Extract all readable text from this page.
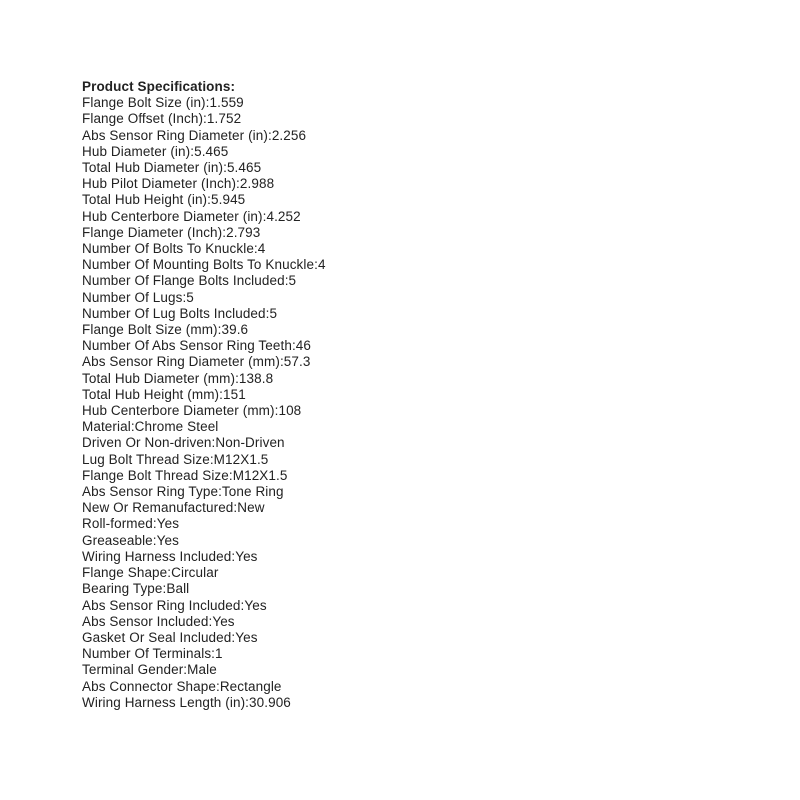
Product Specifications:
Flange Bolt Size (in):1.559
Flange Offset (Inch):1.752
Abs Sensor Ring Diameter (in):2.256
Hub Diameter (in):5.465
Total Hub Diameter (in):5.465
Hub Pilot Diameter (Inch):2.988
Total Hub Height (in):5.945
Hub Centerbore Diameter (in):4.252
Flange Diameter (Inch):2.793
Number Of Bolts To Knuckle:4
Number Of Mounting Bolts To Knuckle:4
Number Of Flange Bolts Included:5
Number Of Lugs:5
Number Of Lug Bolts Included:5
Flange Bolt Size (mm):39.6
Number Of Abs Sensor Ring Teeth:46
Abs Sensor Ring Diameter (mm):57.3
Total Hub Diameter (mm):138.8
Total Hub Height (mm):151
Hub Centerbore Diameter (mm):108
Material:Chrome Steel
Driven Or Non-driven:Non-Driven
Lug Bolt Thread Size:M12X1.5
Flange Bolt Thread Size:M12X1.5
Abs Sensor Ring Type:Tone Ring
New Or Remanufactured:New
Roll-formed:Yes
Greaseable:Yes
Wiring Harness Included:Yes
Flange Shape:Circular
Bearing Type:Ball
Abs Sensor Ring Included:Yes
Abs Sensor Included:Yes
Gasket Or Seal Included:Yes
Number Of Terminals:1
Terminal Gender:Male
Abs Connector Shape:Rectangle
Wiring Harness Length (in):30.906
